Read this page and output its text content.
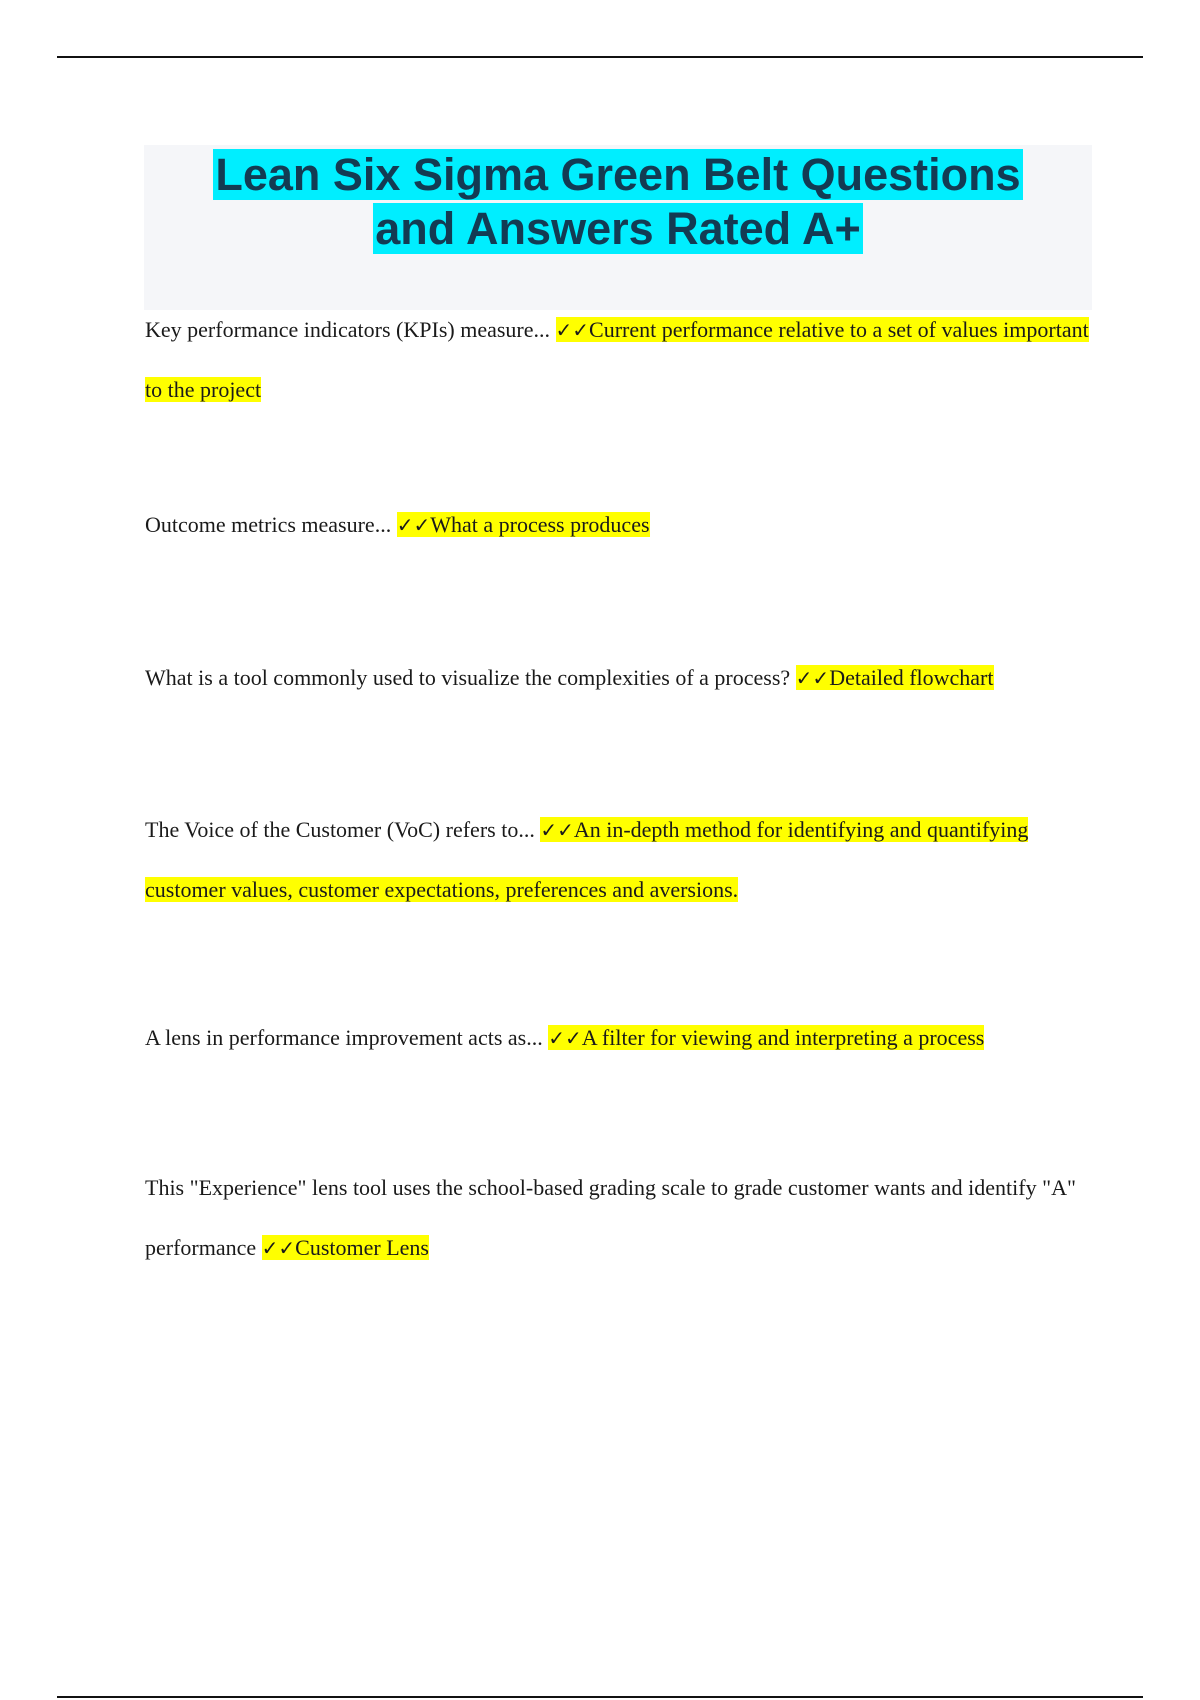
Lean Six Sigma Green Belt Questions
and Answers Rated A+

Key performance indicators (KPIs) measure... ✓✓Current performance relative to a set of values important to the project

Outcome metrics measure... ✓✓What a process produces

What is a tool commonly used to visualize the complexities of a process? ✓✓Detailed flowchart

The Voice of the Customer (VoC) refers to... ✓✓An in-depth method for identifying and quantifying customer values, customer expectations, preferences and aversions.

A lens in performance improvement acts as... ✓✓A filter for viewing and interpreting a process

This "Experience" lens tool uses the school-based grading scale to grade customer wants and identify "A" performance ✓✓Customer Lens
